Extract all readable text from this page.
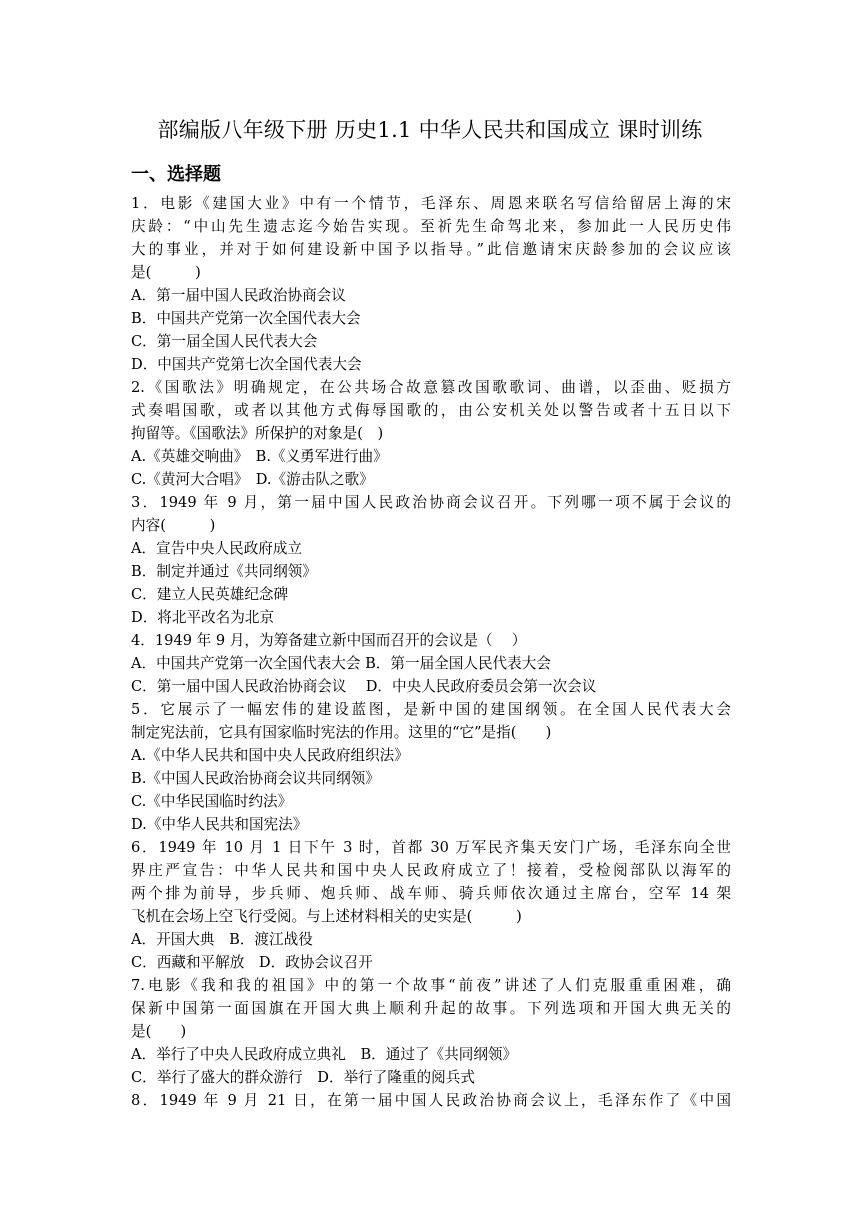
部编版八年级下册 历史1.1 中华人民共和国成立 课时训练
一、选择题
1．电影《建国大业》中有一个情节，毛泽东、周恩来联名写信给留居上海的宋
庆龄：“中山先生遗志迄今始告实现。至祈先生命驾北来，参加此一人民历史伟
大的事业，并对于如何建设新中国予以指导。”此信邀请宋庆龄参加的会议应该
是(　　　)
A．第一届中国人民政治协商会议
B．中国共产党第一次全国代表大会
C．第一届全国人民代表大会
D．中国共产党第七次全国代表大会
2.《国歌法》明确规定，在公共场合故意篡改国歌歌词、曲谱，以歪曲、贬损方
式奏唱国歌，或者以其他方式侮辱国歌的，由公安机关处以警告或者十五日以下
拘留等。《国歌法》所保护的对象是(　)
A.《英雄交响曲》　B.《义勇军进行曲》
C.《黄河大合唱》　D.《游击队之歌》
3．1949 年 9 月，第一届中国人民政治协商会议召开。下列哪一项不属于会议的
内容(　　　)
A．宣告中央人民政府成立
B．制定并通过《共同纲领》
C．建立人民英雄纪念碑
D．将北平改名为北京
4．1949 年 9 月，为筹备建立新中国而召开的会议是（　 ）
A．中国共产党第一次全国代表大会 B．第一届全国人民代表大会
C．第一届中国人民政治协商会议　 D．中央人民政府委员会第一次会议
5．它展示了一幅宏伟的建设蓝图，是新中国的建国纲领。在全国人民代表大会
制定宪法前，它具有国家临时宪法的作用。这里的“它”是指(　　)
A.《中华人民共和国中央人民政府组织法》
B.《中国人民政治协商会议共同纲领》
C.《中华民国临时约法》
D.《中华人民共和国宪法》
6．1949 年 10 月 1 日下午 3 时，首都 30 万军民齐集天安门广场，毛泽东向全世
界庄严宣告：中华人民共和国中央人民政府成立了！接着，受检阅部队以海军的
两个排为前导，步兵师、炮兵师、战车师、骑兵师依次通过主席台，空军 14 架
飞机在会场上空飞行受阅。与上述材料相关的史实是(　　　)
A．开国大典　B．渡江战役
C．西藏和平解放　D．政协会议召开
7.电影《我和我的祖国》中的第一个故事“前夜”讲述了人们克服重重困难，确
保新中国第一面国旗在开国大典上顺利升起的故事。下列选项和开国大典无关的
是(　　)
A．举行了中央人民政府成立典礼　B．通过了《共同纲领》
C．举行了盛大的群众游行　D．举行了隆重的阅兵式
8．1949 年 9 月 21 日，在第一届中国人民政治协商会议上，毛泽东作了《中国
